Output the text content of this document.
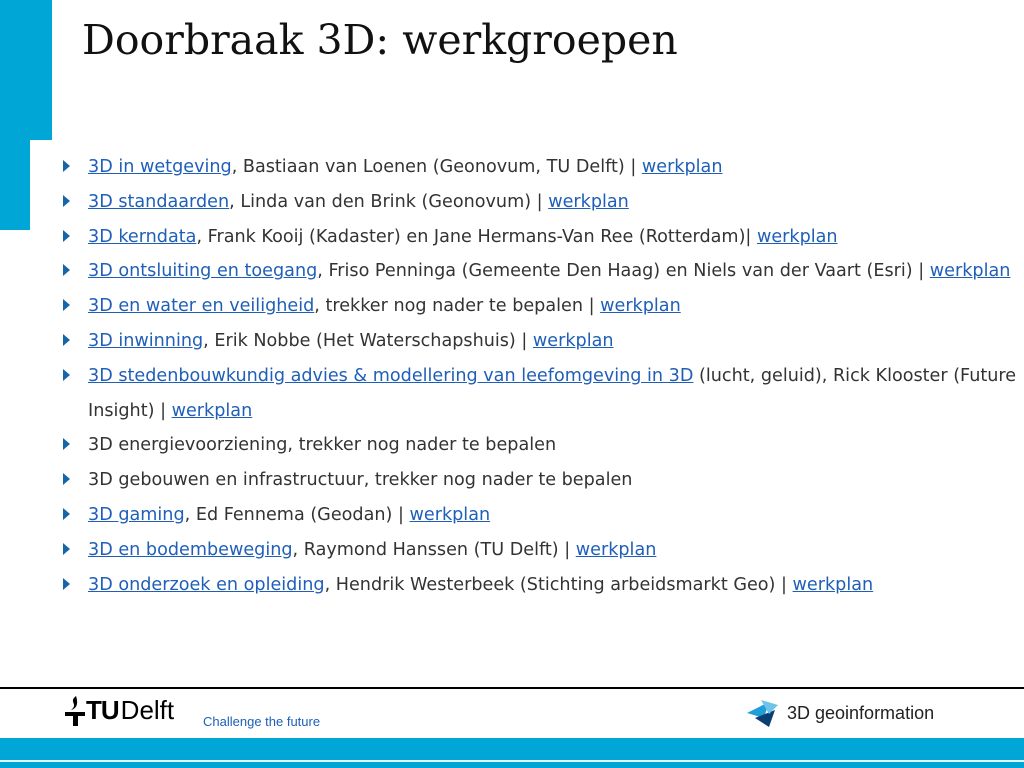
Doorbraak 3D: werkgroepen
3D in wetgeving, Bastiaan van Loenen (Geonovum, TU Delft) | werkplan
3D standaarden, Linda van den Brink (Geonovum) | werkplan
3D kerndata, Frank Kooij (Kadaster) en Jane Hermans-Van Ree (Rotterdam)| werkplan
3D ontsluiting en toegang, Friso Penninga (Gemeente Den Haag) en Niels van der Vaart (Esri) | werkplan
3D en water en veiligheid, trekker nog nader te bepalen | werkplan
3D inwinning, Erik Nobbe (Het Waterschapshuis) | werkplan
3D stedenbouwkundig advies & modellering van leefomgeving in 3D (lucht, geluid), Rick Klooster (Future Insight) | werkplan
3D energievoorziening, trekker nog nader te bepalen
3D gebouwen en infrastructuur, trekker nog nader te bepalen
3D gaming, Ed Fennema (Geodan) | werkplan
3D en bodembeweging, Raymond Hanssen (TU Delft) | werkplan
3D onderzoek en opleiding, Hendrik Westerbeek (Stichting arbeidsmarkt Geo) | werkplan
TU Delft Challenge the future	3D geoinformation
